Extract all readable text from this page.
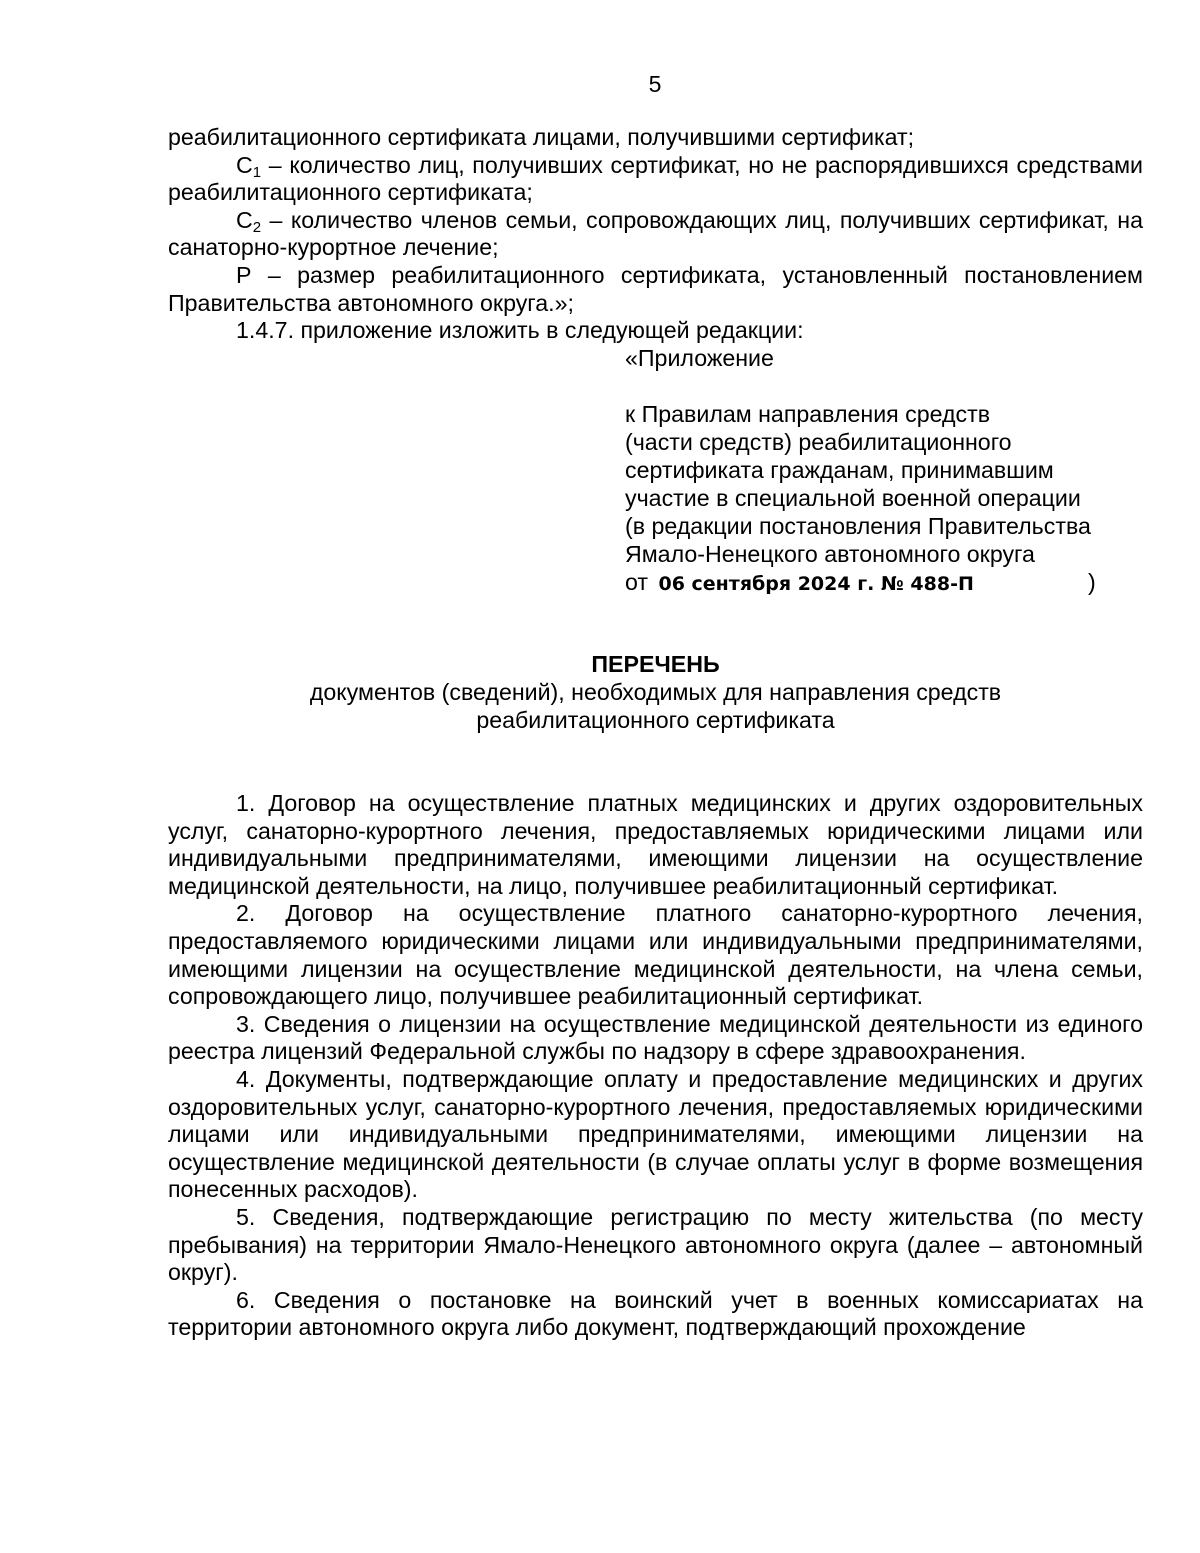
5

реабилитационного сертификата лицами, получившими сертификат;

$С_1$ – количество лиц, получивших сертификат, но не распорядившихся средствами реабилитационного сертификата;

$С_2$ – количество членов семьи, сопровождающих лиц, получивших сертификат, на санаторно-курортное лечение;

Р – размер реабилитационного сертификата, установленный постановлением Правительства автономного округа.»;

1.4.7. приложение изложить в следующей редакции:

«Приложение

к Правилам направления средств

(части средств) реабилитационного

сертификата гражданам, принимавшим

участие в специальной военной операции

(в редакции постановления Правительства

Ямало-Ненецкого автономного округа

от 06 сентября 2024 г. № 488-П	)

ПЕРЕЧЕНЬ

документов (сведений), необходимых для направления средств

реабилитационного сертификата

1. Договор на осуществление платных медицинских и других оздоровительных услуг, санаторно-курортного лечения, предоставляемых юридическими лицами или индивидуальными предпринимателями, имеющими лицензии на осуществление медицинской деятельности, на лицо, получившее реабилитационный сертификат.

2. Договор на осуществление платного санаторно-курортного лечения, предоставляемого юридическими лицами или индивидуальными предпринимателями, имеющими лицензии на осуществление медицинской деятельности, на члена семьи, сопровождающего лицо, получившее реабилитационный сертификат.

3. Сведения о лицензии на осуществление медицинской деятельности из единого реестра лицензий Федеральной службы по надзору в сфере здравоохранения.

4. Документы, подтверждающие оплату и предоставление медицинских и других оздоровительных услуг, санаторно-курортного лечения, предоставляемых юридическими лицами или индивидуальными предпринимателями, имеющими лицензии на осуществление медицинской деятельности (в случае оплаты услуг в форме возмещения понесенных расходов).

5. Сведения, подтверждающие регистрацию по месту жительства (по месту пребывания) на территории Ямало-Ненецкого автономного округа (далее – автономный округ).

6. Сведения о постановке на воинский учет в военных комиссариатах на территории автономного округа либо документ, подтверждающий прохождение
